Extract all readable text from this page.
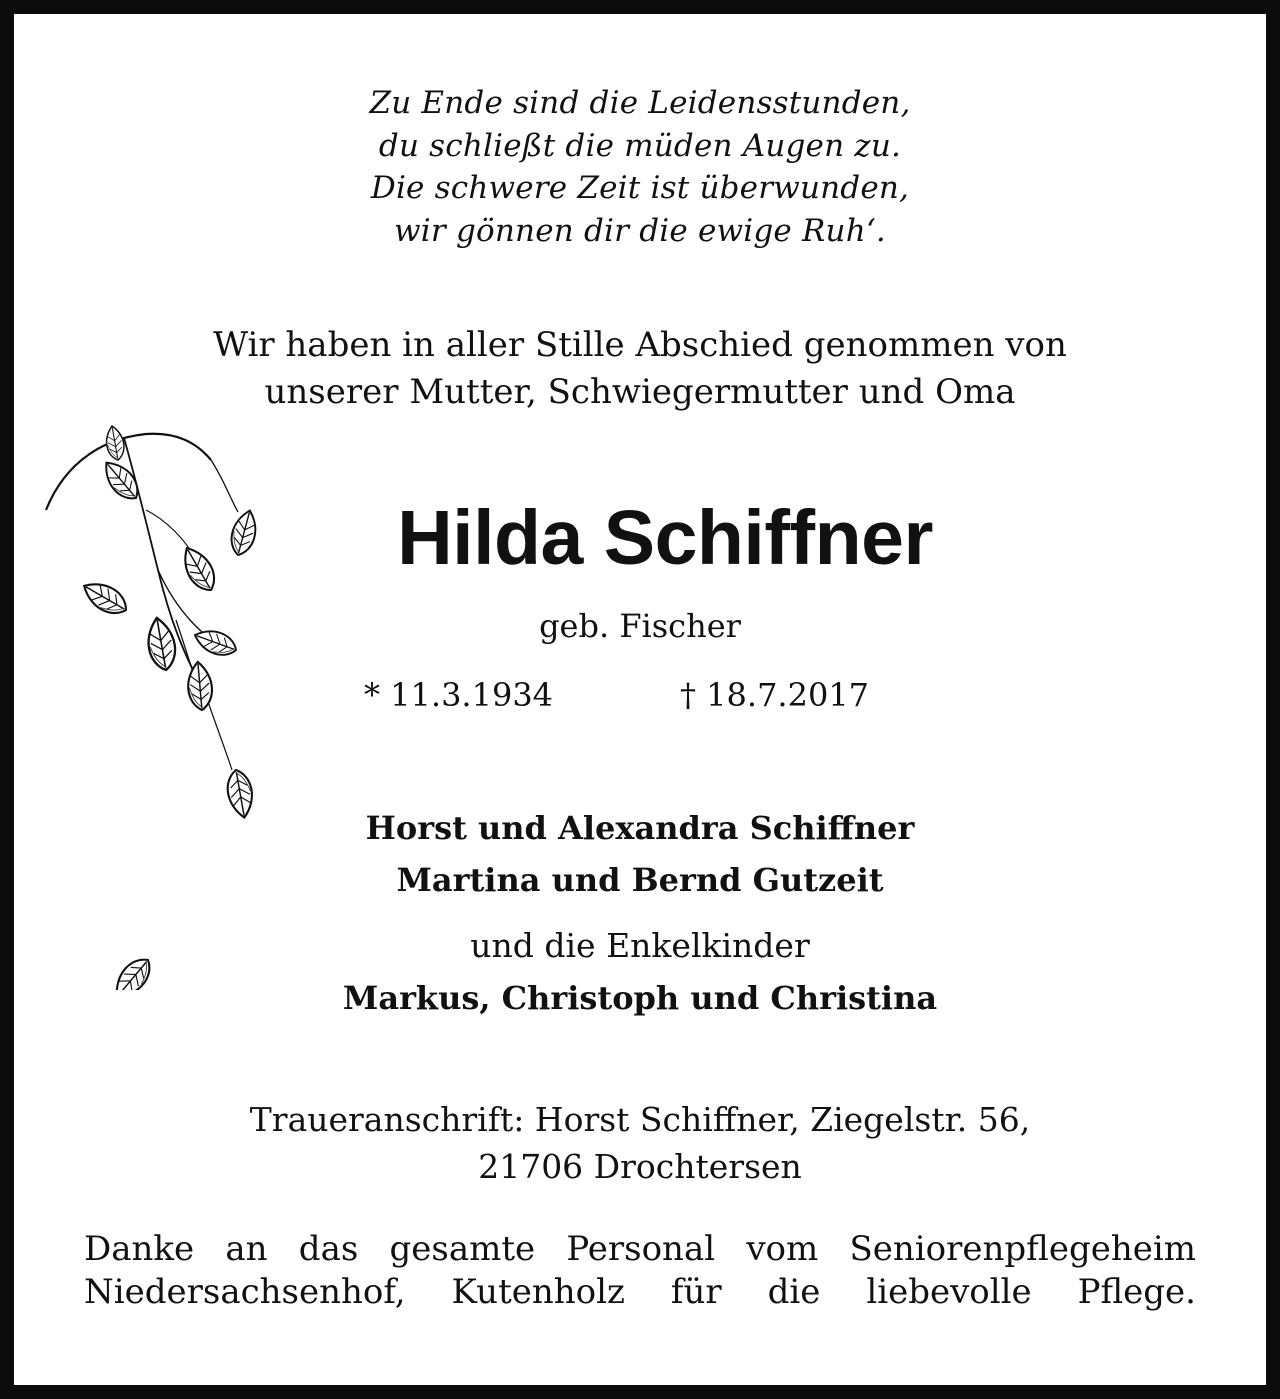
Zu Ende sind die Leidensstunden,
du schließt die müden Augen zu.
Die schwere Zeit ist überwunden,
wir gönnen dir die ewige Ruh‘.
Wir haben in aller Stille Abschied genommen von
unserer Mutter, Schwiegermutter und Oma
Hilda Schiffner
geb. Fischer
* 11.3.1934	† 18.7.2017
Horst und Alexandra Schiffner
Martina und Bernd Gutzeit
und die Enkelkinder
Markus, Christoph und Christina
Traueranschrift: Horst Schiffner, Ziegelstr. 56,
21706 Drochtersen
Danke an das gesamte Personal vom Seniorenpflegeheim
Niedersachsenhof, Kutenholz für die liebevolle Pflege.
